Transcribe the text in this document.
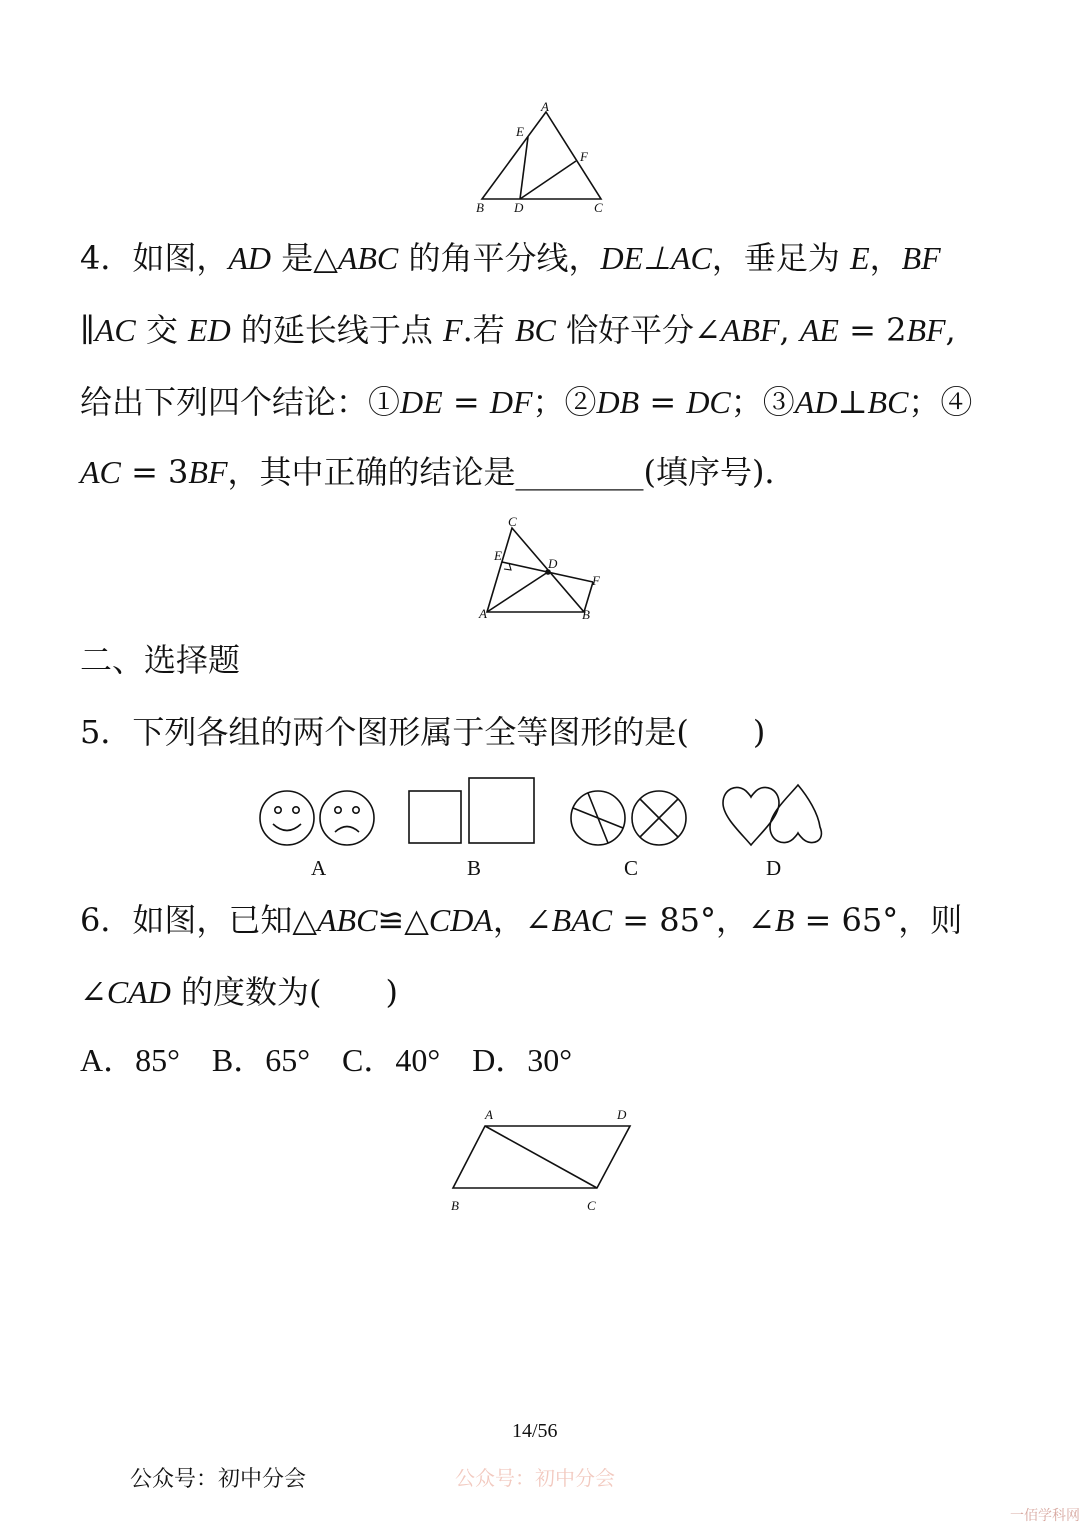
A
E
F
B D	C
4．如图，AD 是△ABC 的角平分线，DE⊥AC，垂足为 E，BF
∥AC 交 ED 的延长线于点 F.若 BC 恰好平分∠ABF, AE = 2BF,
给出下列四个结论：①DE = DF；②DB = DC；③AD⊥BC；④
AC = 3BF，其中正确的结论是________(填序号)．
C
E
D
F
A	B
二、选择题
5．下列各组的两个图形属于全等图形的是(　　)
A	B	C	D
6．如图，已知△ABC≌△CDA，∠BAC = 85°，∠B = 65°，则
∠CAD 的度数为(　　)
A．85°　B．65°　C．40°　D．30°
A	D
B	C
14/56
公众号：初中分会	公众号：初中分会
一佰学科网
